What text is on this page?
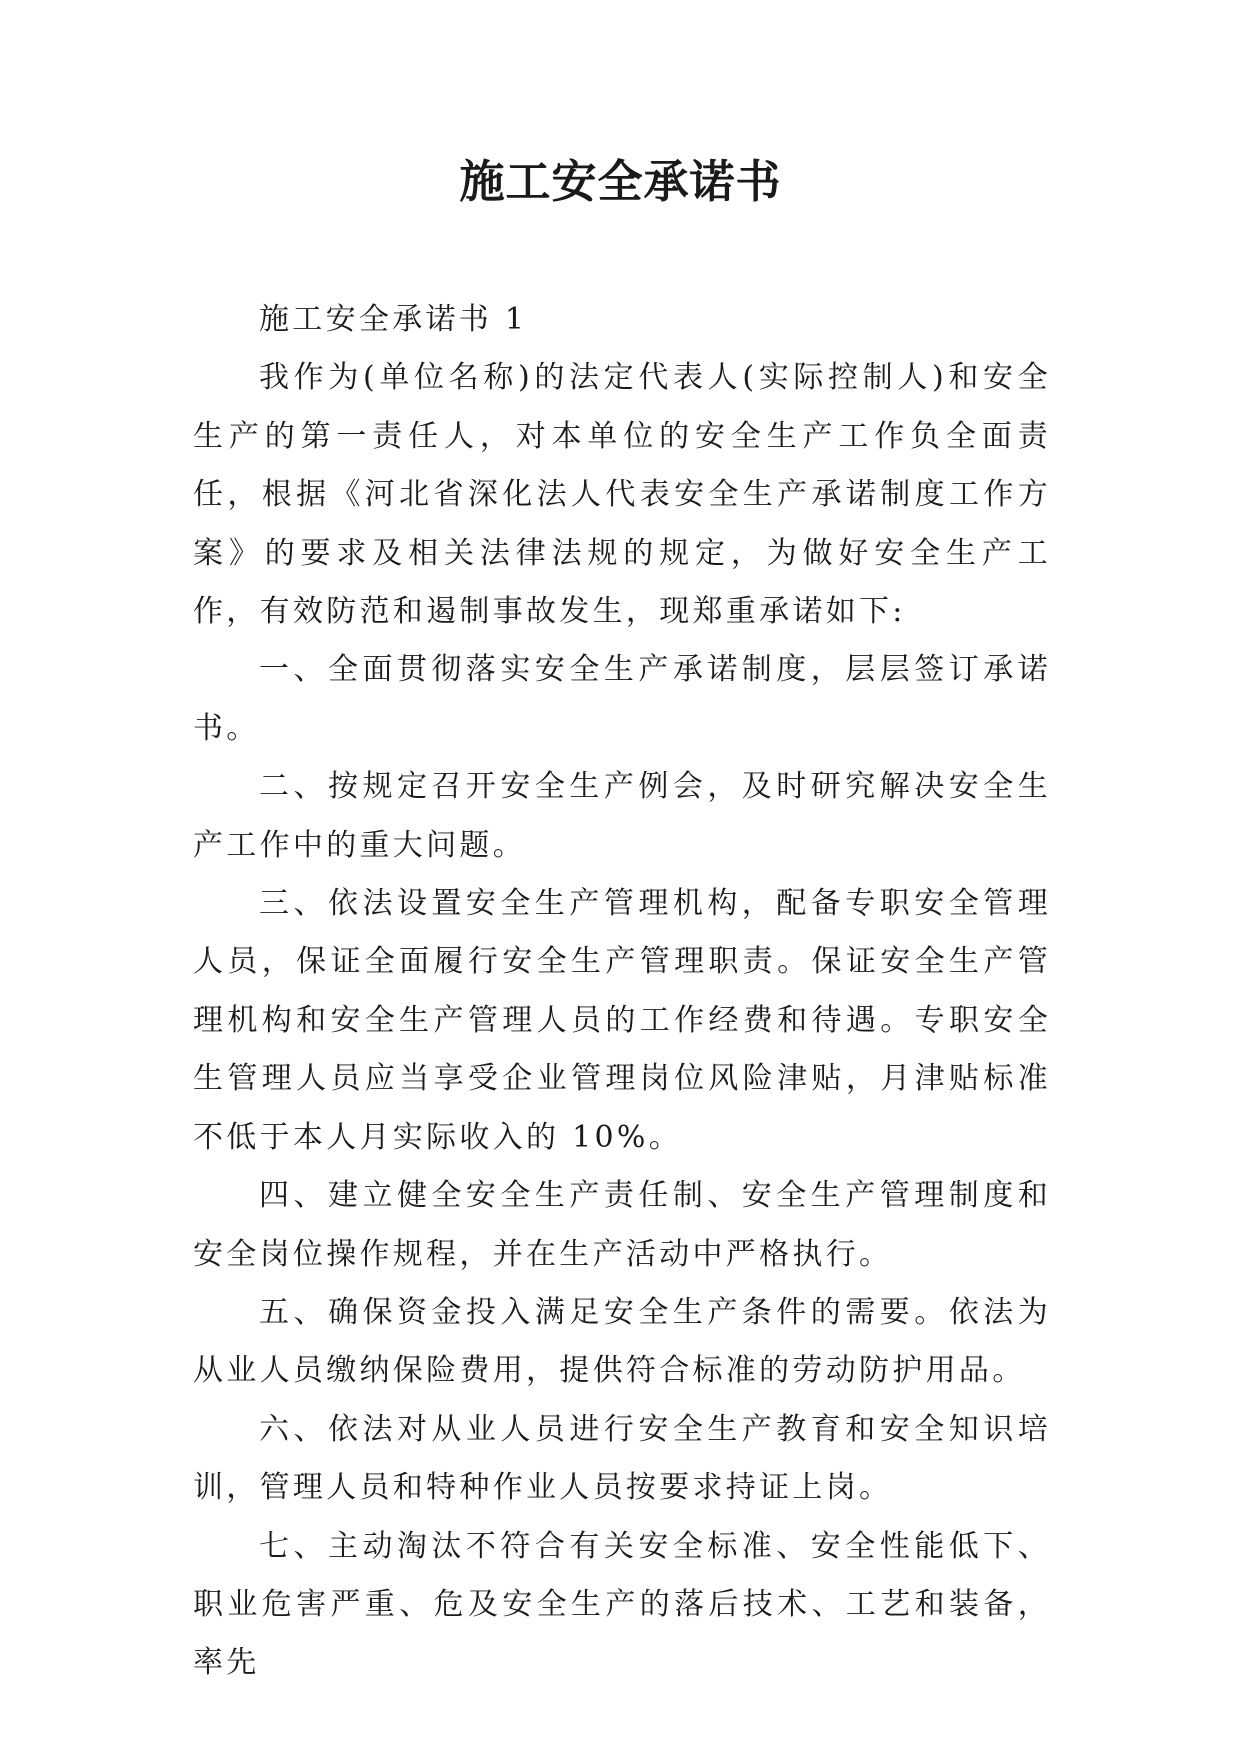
施工安全承诺书

施工安全承诺书 1

我作为(单位名称)的法定代表人(实际控制人)和安全生产的第一责任人，对本单位的安全生产工作负全面责任，根据《河北省深化法人代表安全生产承诺制度工作方案》的要求及相关法律法规的规定，为做好安全生产工作，有效防范和遏制事故发生，现郑重承诺如下:

一、全面贯彻落实安全生产承诺制度，层层签订承诺书。

二、按规定召开安全生产例会，及时研究解决安全生产工作中的重大问题。

三、依法设置安全生产管理机构，配备专职安全管理人员，保证全面履行安全生产管理职责。保证安全生产管理机构和安全生产管理人员的工作经费和待遇。专职安全生管理人员应当享受企业管理岗位风险津贴，月津贴标准不低于本人月实际收入的 10%。

四、建立健全安全生产责任制、安全生产管理制度和安全岗位操作规程，并在生产活动中严格执行。

五、确保资金投入满足安全生产条件的需要。依法为从业人员缴纳保险费用，提供符合标准的劳动防护用品。

六、依法对从业人员进行安全生产教育和安全知识培训，管理人员和特种作业人员按要求持证上岗。

七、主动淘汰不符合有关安全标准、安全性能低下、职业危害严重、危及安全生产的落后技术、工艺和装备，率先
